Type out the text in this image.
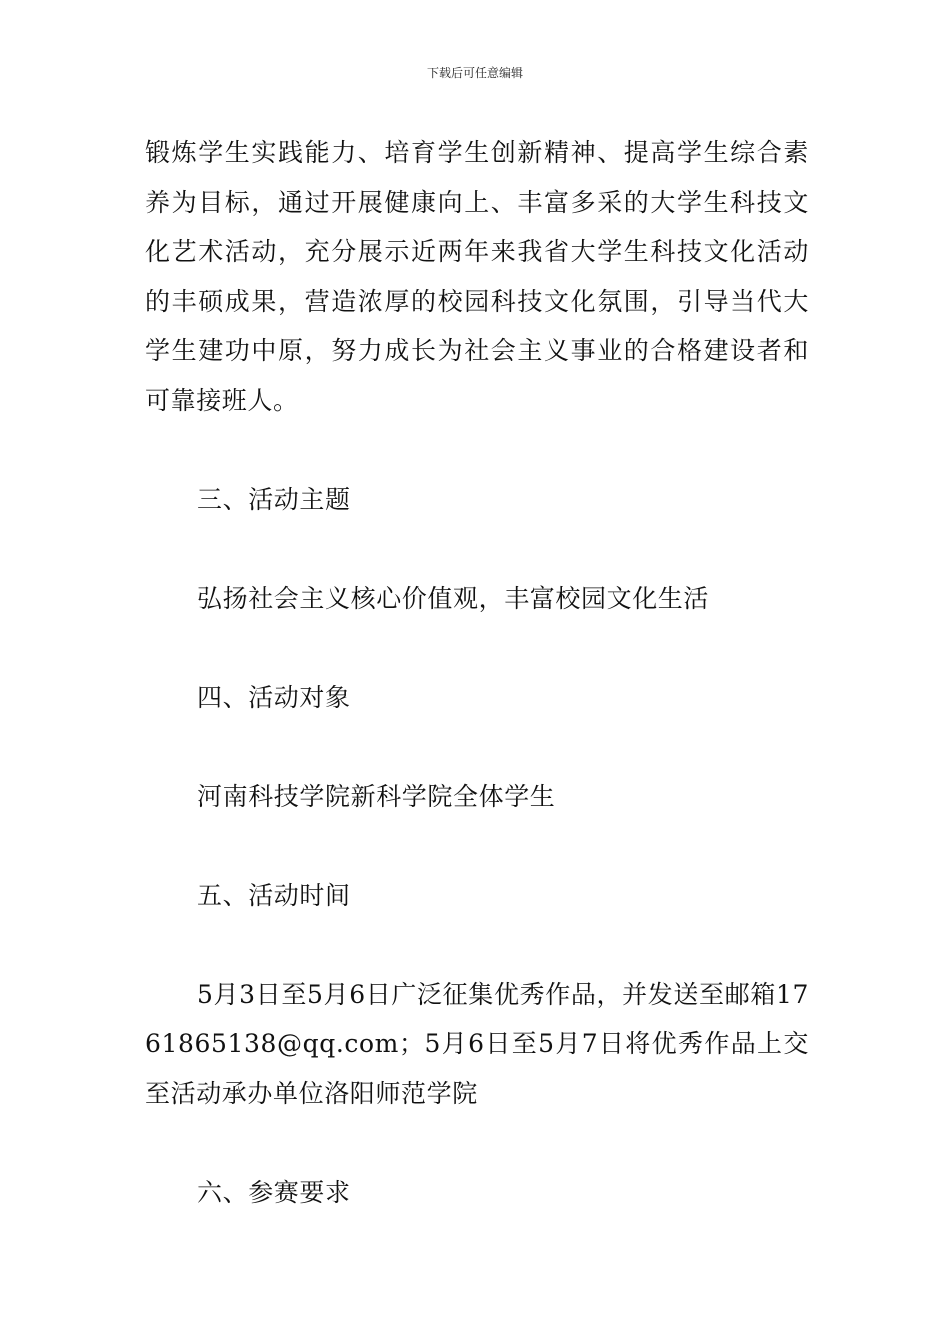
下载后可任意编辑

锻炼学生实践能力、培育学生创新精神、提高学生综合素养为目标，通过开展健康向上、丰富多采的大学生科技文化艺术活动，充分展示近两年来我省大学生科技文化活动的丰硕成果，营造浓厚的校园科技文化氛围，引导当代大学生建功中原，努力成长为社会主义事业的合格建设者和可靠接班人。

三、活动主题

弘扬社会主义核心价值观，丰富校园文化生活

四、活动对象

河南科技学院新科学院全体学生

五、活动时间

5月3日至5月6日广泛征集优秀作品，并发送至邮箱1761865138@qq.com；5月6日至5月7日将优秀作品上交至活动承办单位洛阳师范学院

六、参赛要求
